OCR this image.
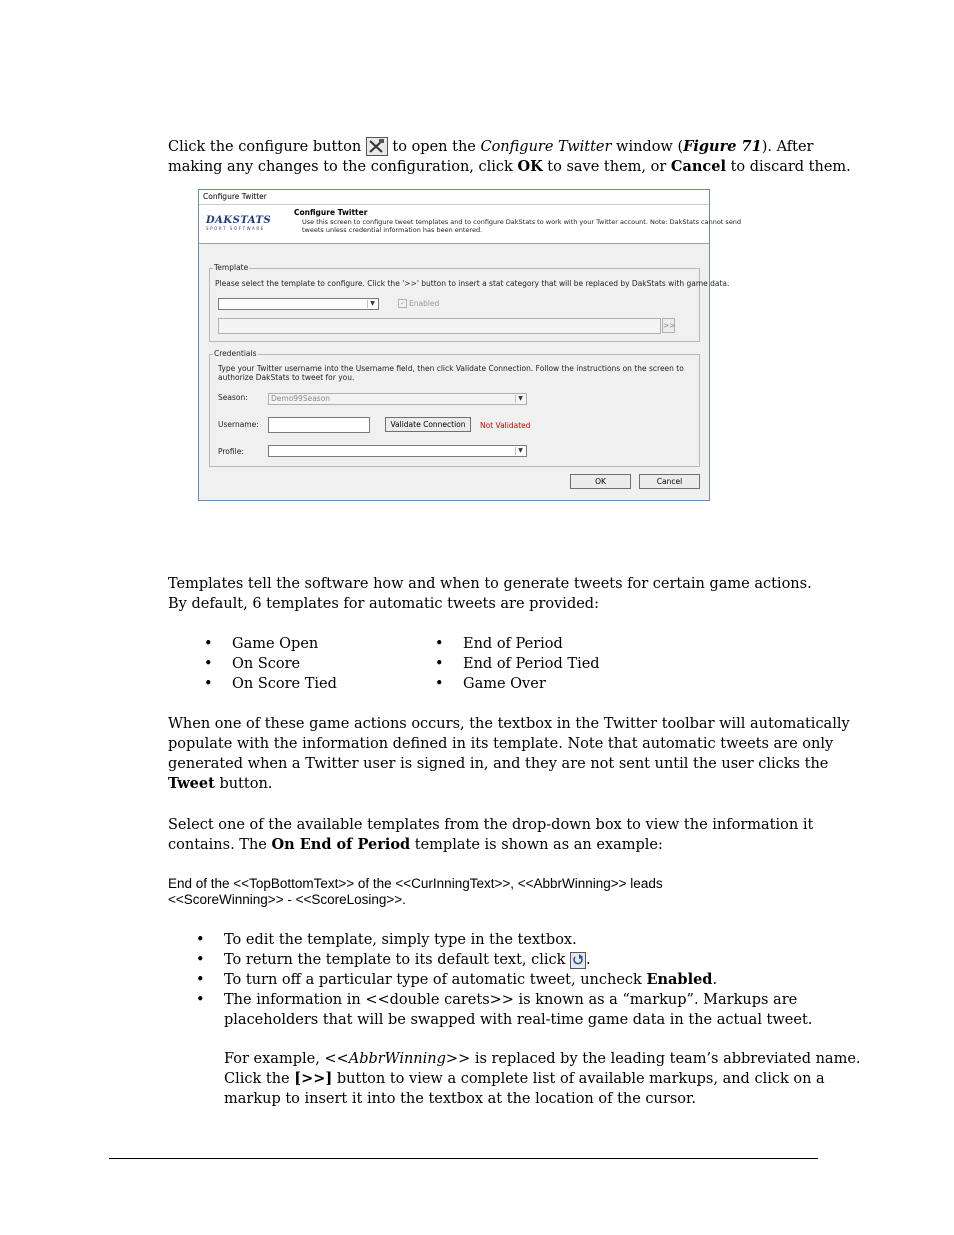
Click the configure button to open the Configure Twitter window (Figure 71). After

making any changes to the configuration, click OK to save them, or Cancel to discard them.

Configure Twitter
DAKSTATS
SPORT SOFTWARE
Configure Twitter
Use this screen to configure tweet templates and to configure DakStats to work with your Twitter account. Note: DakStats cannot send
tweets unless credential information has been entered.
Template
Please select the template to configure. Click the '>>' button to insert a stat category that will be replaced by DakStats with game data.
▼	✓ Enabled
>>
Credentials
Type your Twitter username into the Username field, then click Validate Connection. Follow the instructions on the screen to
authorize DakStats to tweet for you.
Season:	Demo99Season	▼
Username:	Validate Connection	Not Validated
Profile:	▼
OK	Cancel

Templates tell the software how and when to generate tweets for certain game actions.

By default, 6 templates for automatic tweets are provided:

• Game Open
• On Score
• On Score Tied
• End of Period
• End of Period Tied
• Game Over

When one of these game actions occurs, the textbox in the Twitter toolbar will automatically

populate with the information defined in its template. Note that automatic tweets are only

generated when a Twitter user is signed in, and they are not sent until the user clicks the

Tweet button.

Select one of the available templates from the drop-down box to view the information it

contains. The On End of Period template is shown as an example:

End of the <<TopBottomText>> of the <<CurInningText>>, <<AbbrWinning>> leads

<<ScoreWinning>> - <<ScoreLosing>>.

• To edit the template, simply type in the textbox.
• To return the template to its default text, click .
• To turn off a particular type of automatic tweet, uncheck Enabled.
• The information in <<double carets>> is known as a “markup”. Markups are
placeholders that will be swapped with real-time game data in the actual tweet.

For example, <<AbbrWinning>> is replaced by the leading team’s abbreviated name.

Click the [>>] button to view a complete list of available markups, and click on a

markup to insert it into the textbox at the location of the cursor.
